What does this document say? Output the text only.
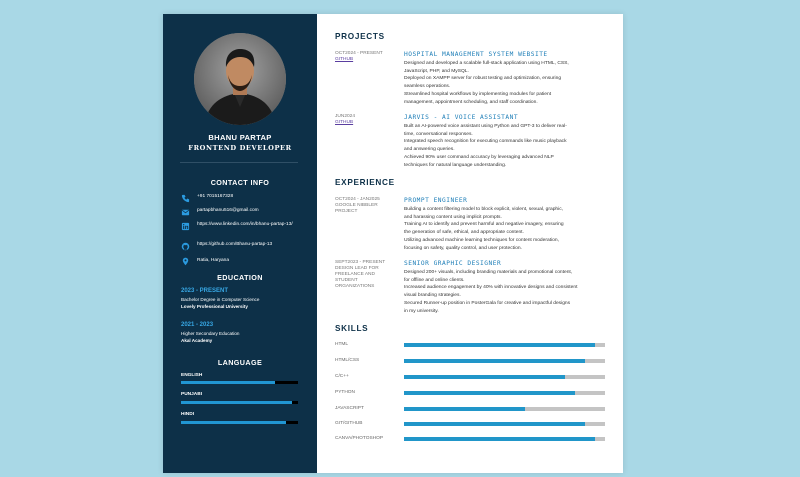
BHANU PARTAP
FRONTEND DEVELOPER
CONTACT INFO
+91 7015167328
partapbhanu516@gmail.com
https://www.linkedin.com/in/bhanu-partap-13/
https://github.com/Bhanu-partap-13
Ratia, Haryana
EDUCATION
2023 - PRESENT
Bachelor Degree in Computer Science
Lovely Professional University
2021 - 2023
Higher Secondary Education
Akal Academy
LANGUAGE
ENGLISH
PUNJABI
HINDI
PROJECTS
OCT2024 - PRESENT
GITHUB
HOSPITAL MANAGEMENT SYSTEM WEBSITE
Designed and developed a scalable full-stack application using HTML, CSS,
JavaScript, PHP, and MySQL.
Deployed on XAMPP server for robust testing and optimization, ensuring
seamless operations.
Streamlined hospital workflows by implementing modules for patient
management, appointment scheduling, and staff coordination.
JUN2024
GITHUB
JARVIS - AI VOICE ASSISTANT
Built an AI-powered voice assistant using Python and GPT-3 to deliver real-
time, conversational responses.
Integrated speech recognition for executing commands like music playback
and answering queries.
Achieved 90% user command accuracy by leveraging advanced NLP
techniques for natural language understanding.
EXPERIENCE
OCT2024 - JAN2025 GOOGLE NIBBLER PROJECT
PROMPT ENGINEER
Building a content filtering model to block explicit, violent, sexual, graphic,
and harassing content using implicit prompts.
Training AI to identify and prevent harmful and negative imagery, ensuring
the generation of safe, ethical, and appropriate content.
Utilizing advanced machine learning techniques for content moderation,
focusing on safety, quality control, and user protection.
SEPT2023 - PRESENT DESIGN LEAD FOR FREELANCE AND STUDENT ORGANIZATIONS
SENIOR GRAPHIC DESIGNER
Designed 200+ visuals, including branding materials and promotional content,
for offline and online clients.
Increased audience engagement by 40% with innovative designs and consistent
visual branding strategies.
Secured Runner-up position in PosterGala for creative and impactful designs
in my university.
SKILLS
HTML
HTML/CSS
C/C++
PYTHON
JAVASCRIPT
GIT/GITHUB
CANVA/PHOTOSHOP
